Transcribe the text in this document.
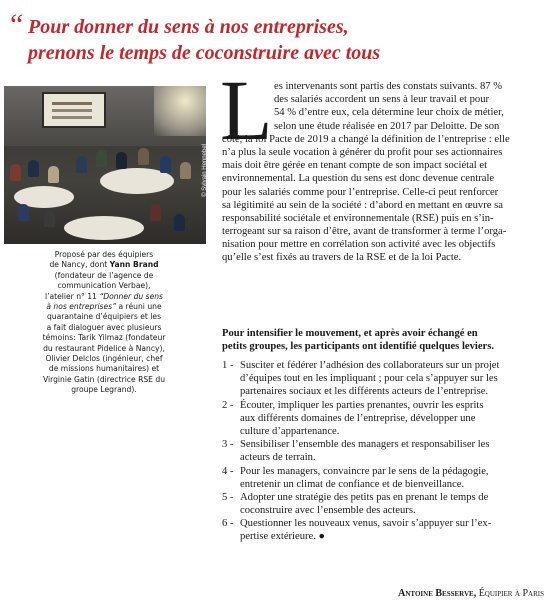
“ Pour donner du sens à nos entreprises,
prenons le temps de coconstruire avec tous
© Sylvain Hennebel
Proposé par des équipiers
de Nancy, dont Yann Brand
(fondateur de l’agence de
communication Verbae),
l’atelier n° 11 “Donner du sens
à nos entreprises” a réuni une
quarantaine d’équipiers et les
a fait dialoguer avec plusieurs
témoins: Tarik Yilmaz (fondateur
du restaurant Pidelice à Nancy),
Olivier Delclos (ingénieur, chef
de missions humanitaires) et
Virginie Gatin (directrice RSE du
groupe Legrand).
L es intervenants sont partis des constats suivants. 87 %
des salariés accordent un sens à leur travail et pour
54 % d’entre eux, cela détermine leur choix de métier,
selon une étude réalisée en 2017 par Deloitte. De son
côté, la loi Pacte de 2019 a changé la définition de l’entreprise : elle
n’a plus la seule vocation à générer du profit pour ses actionnaires
mais doit être gérée en tenant compte de son impact sociétal et
environnemental. La question du sens est donc devenue centrale
pour les salariés comme pour l’entreprise. Celle-ci peut renforcer
sa légitimité au sein de la société : d’abord en mettant en œuvre sa
responsabilité sociétale et environnementale (RSE) puis en s’in-
terrogeant sur sa raison d’être, avant de transformer à terme l’orga-
nisation pour mettre en corrélation son activité avec les objectifs
qu’elle s’est fixés au travers de la RSE et de la loi Pacte.
Pour intensifier le mouvement, et après avoir échangé en
petits groupes, les participants ont identifié quelques leviers.
1 - Susciter et fédérer l’adhésion des collaborateurs sur un projet
d’équipes tout en les impliquant ; pour cela s’appuyer sur les
partenaires sociaux et les différents acteurs de l’entreprise.
2 - Écouter, impliquer les parties prenantes, ouvrir les esprits
aux différents domaines de l’entreprise, développer une
culture d’appartenance.
3 - Sensibiliser l’ensemble des managers et responsabiliser les
acteurs de terrain.
4 - Pour les managers, convaincre par le sens de la pédagogie,
entretenir un climat de confiance et de bienveillance.
5 - Adopter une stratégie des petits pas en prenant le temps de
coconstruire avec l’ensemble des acteurs.
6 - Questionner les nouveaux venus, savoir s’appuyer sur l’ex-
pertise extérieure. ●
Antoine Besserve, Équipier à Paris
